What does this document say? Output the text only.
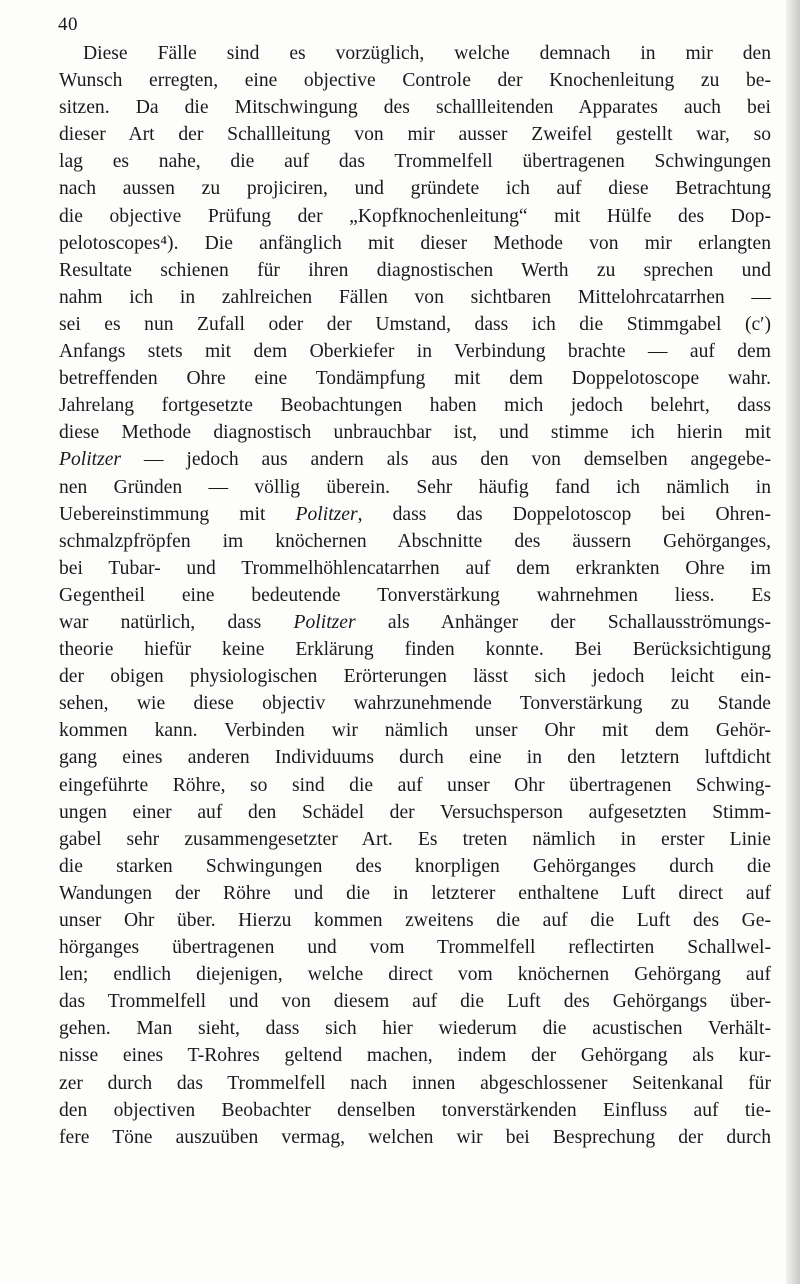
40
Diese Fälle sind es vorzüglich, welche demnach in mir den
Wunsch erregten, eine objective Controle der Knochenleitung zu be-
sitzen. Da die Mitschwingung des schallleitenden Apparates auch bei
dieser Art der Schallleitung von mir ausser Zweifel gestellt war, so
lag es nahe, die auf das Trommelfell übertragenen Schwingungen
nach aussen zu projiciren, und gründete ich auf diese Betrachtung
die objective Prüfung der „Kopfknochenleitung“ mit Hülfe des Dop-
pelotoscopes⁴). Die anfänglich mit dieser Methode von mir erlangten
Resultate schienen für ihren diagnostischen Werth zu sprechen und
nahm ich in zahlreichen Fällen von sichtbaren Mittelohrcatarrhen —
sei es nun Zufall oder der Umstand, dass ich die Stimmgabel (c′)
Anfangs stets mit dem Oberkiefer in Verbindung brachte — auf dem
betreffenden Ohre eine Tondämpfung mit dem Doppelotoscope wahr.
Jahrelang fortgesetzte Beobachtungen haben mich jedoch belehrt, dass
diese Methode diagnostisch unbrauchbar ist, und stimme ich hierin mit
Politzer — jedoch aus andern als aus den von demselben angegebe-
nen Gründen — völlig überein. Sehr häufig fand ich nämlich in
Uebereinstimmung mit Politzer, dass das Doppelotoscop bei Ohren-
schmalzpfröpfen im knöchernen Abschnitte des äussern Gehörganges,
bei Tubar- und Trommelhöhlencatarrhen auf dem erkrankten Ohre im
Gegentheil eine bedeutende Tonverstärkung wahrnehmen liess. Es
war natürlich, dass Politzer als Anhänger der Schallausströmungs-
theorie hiefür keine Erklärung finden konnte. Bei Berücksichtigung
der obigen physiologischen Erörterungen lässt sich jedoch leicht ein-
sehen, wie diese objectiv wahrzunehmende Tonverstärkung zu Stande
kommen kann. Verbinden wir nämlich unser Ohr mit dem Gehör-
gang eines anderen Individuums durch eine in den letztern luftdicht
eingeführte Röhre, so sind die auf unser Ohr übertragenen Schwing-
ungen einer auf den Schädel der Versuchsperson aufgesetzten Stimm-
gabel sehr zusammengesetzter Art. Es treten nämlich in erster Linie
die starken Schwingungen des knorpligen Gehörganges durch die
Wandungen der Röhre und die in letzterer enthaltene Luft direct auf
unser Ohr über. Hierzu kommen zweitens die auf die Luft des Ge-
hörganges übertragenen und vom Trommelfell reflectirten Schallwel-
len; endlich diejenigen, welche direct vom knöchernen Gehörgang auf
das Trommelfell und von diesem auf die Luft des Gehörgangs über-
gehen. Man sieht, dass sich hier wiederum die acustischen Verhält-
nisse eines T-Rohres geltend machen, indem der Gehörgang als kur-
zer durch das Trommelfell nach innen abgeschlossener Seitenkanal für
den objectiven Beobachter denselben tonverstärkenden Einfluss auf tie-
fere Töne auszuüben vermag, welchen wir bei Besprechung der durch
